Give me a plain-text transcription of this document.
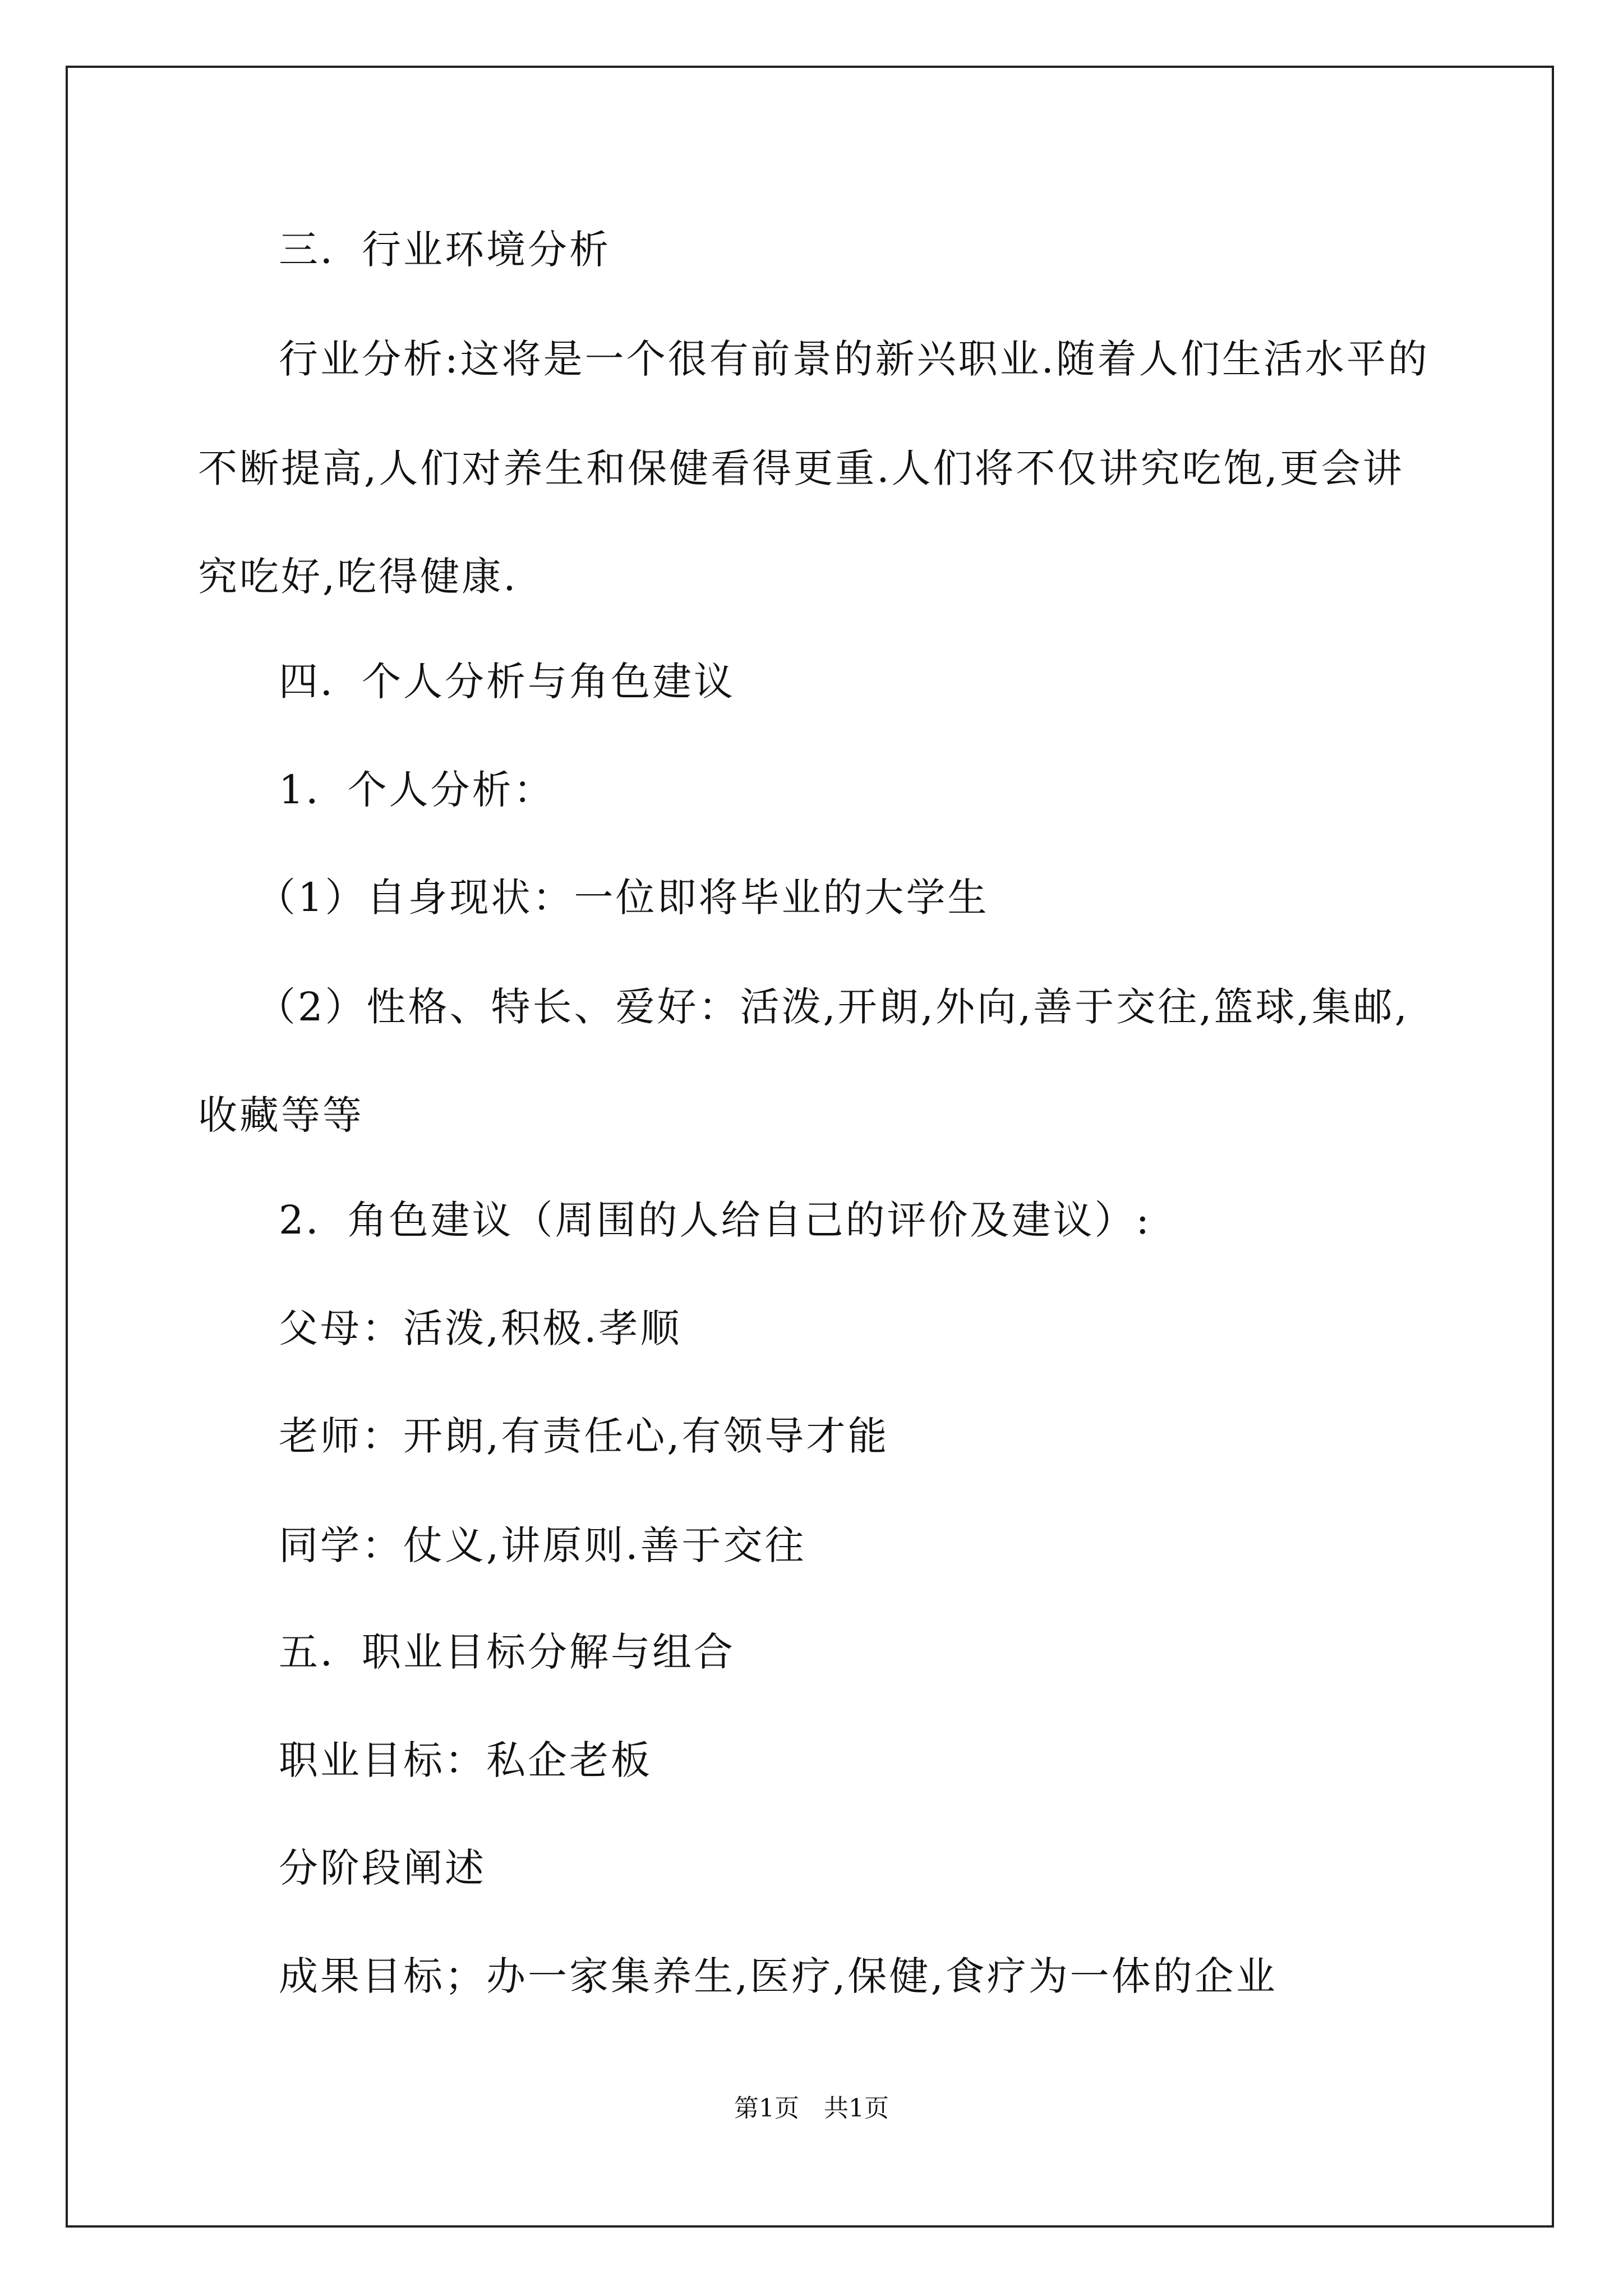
三．行业环境分析
行业分析:这将是一个很有前景的新兴职业.随着人们生活水平的
不断提高,人们对养生和保健看得更重.人们将不仅讲究吃饱,更会讲
究吃好,吃得健康.
四．个人分析与角色建议
1．个人分析：
（1）自身现状：一位即将毕业的大学生
（2）性格、特长、爱好：活泼,开朗,外向,善于交往,篮球,集邮,
收藏等等
2．角色建议（周围的人给自己的评价及建议）:
父母：活泼,积极.孝顺
老师：开朗,有责任心,有领导才能
同学：仗义,讲原则.善于交往
五．职业目标分解与组合
职业目标：私企老板
分阶段阐述
成果目标；办一家集养生,医疗,保健,食疗为一体的企业
第1页　共1页
